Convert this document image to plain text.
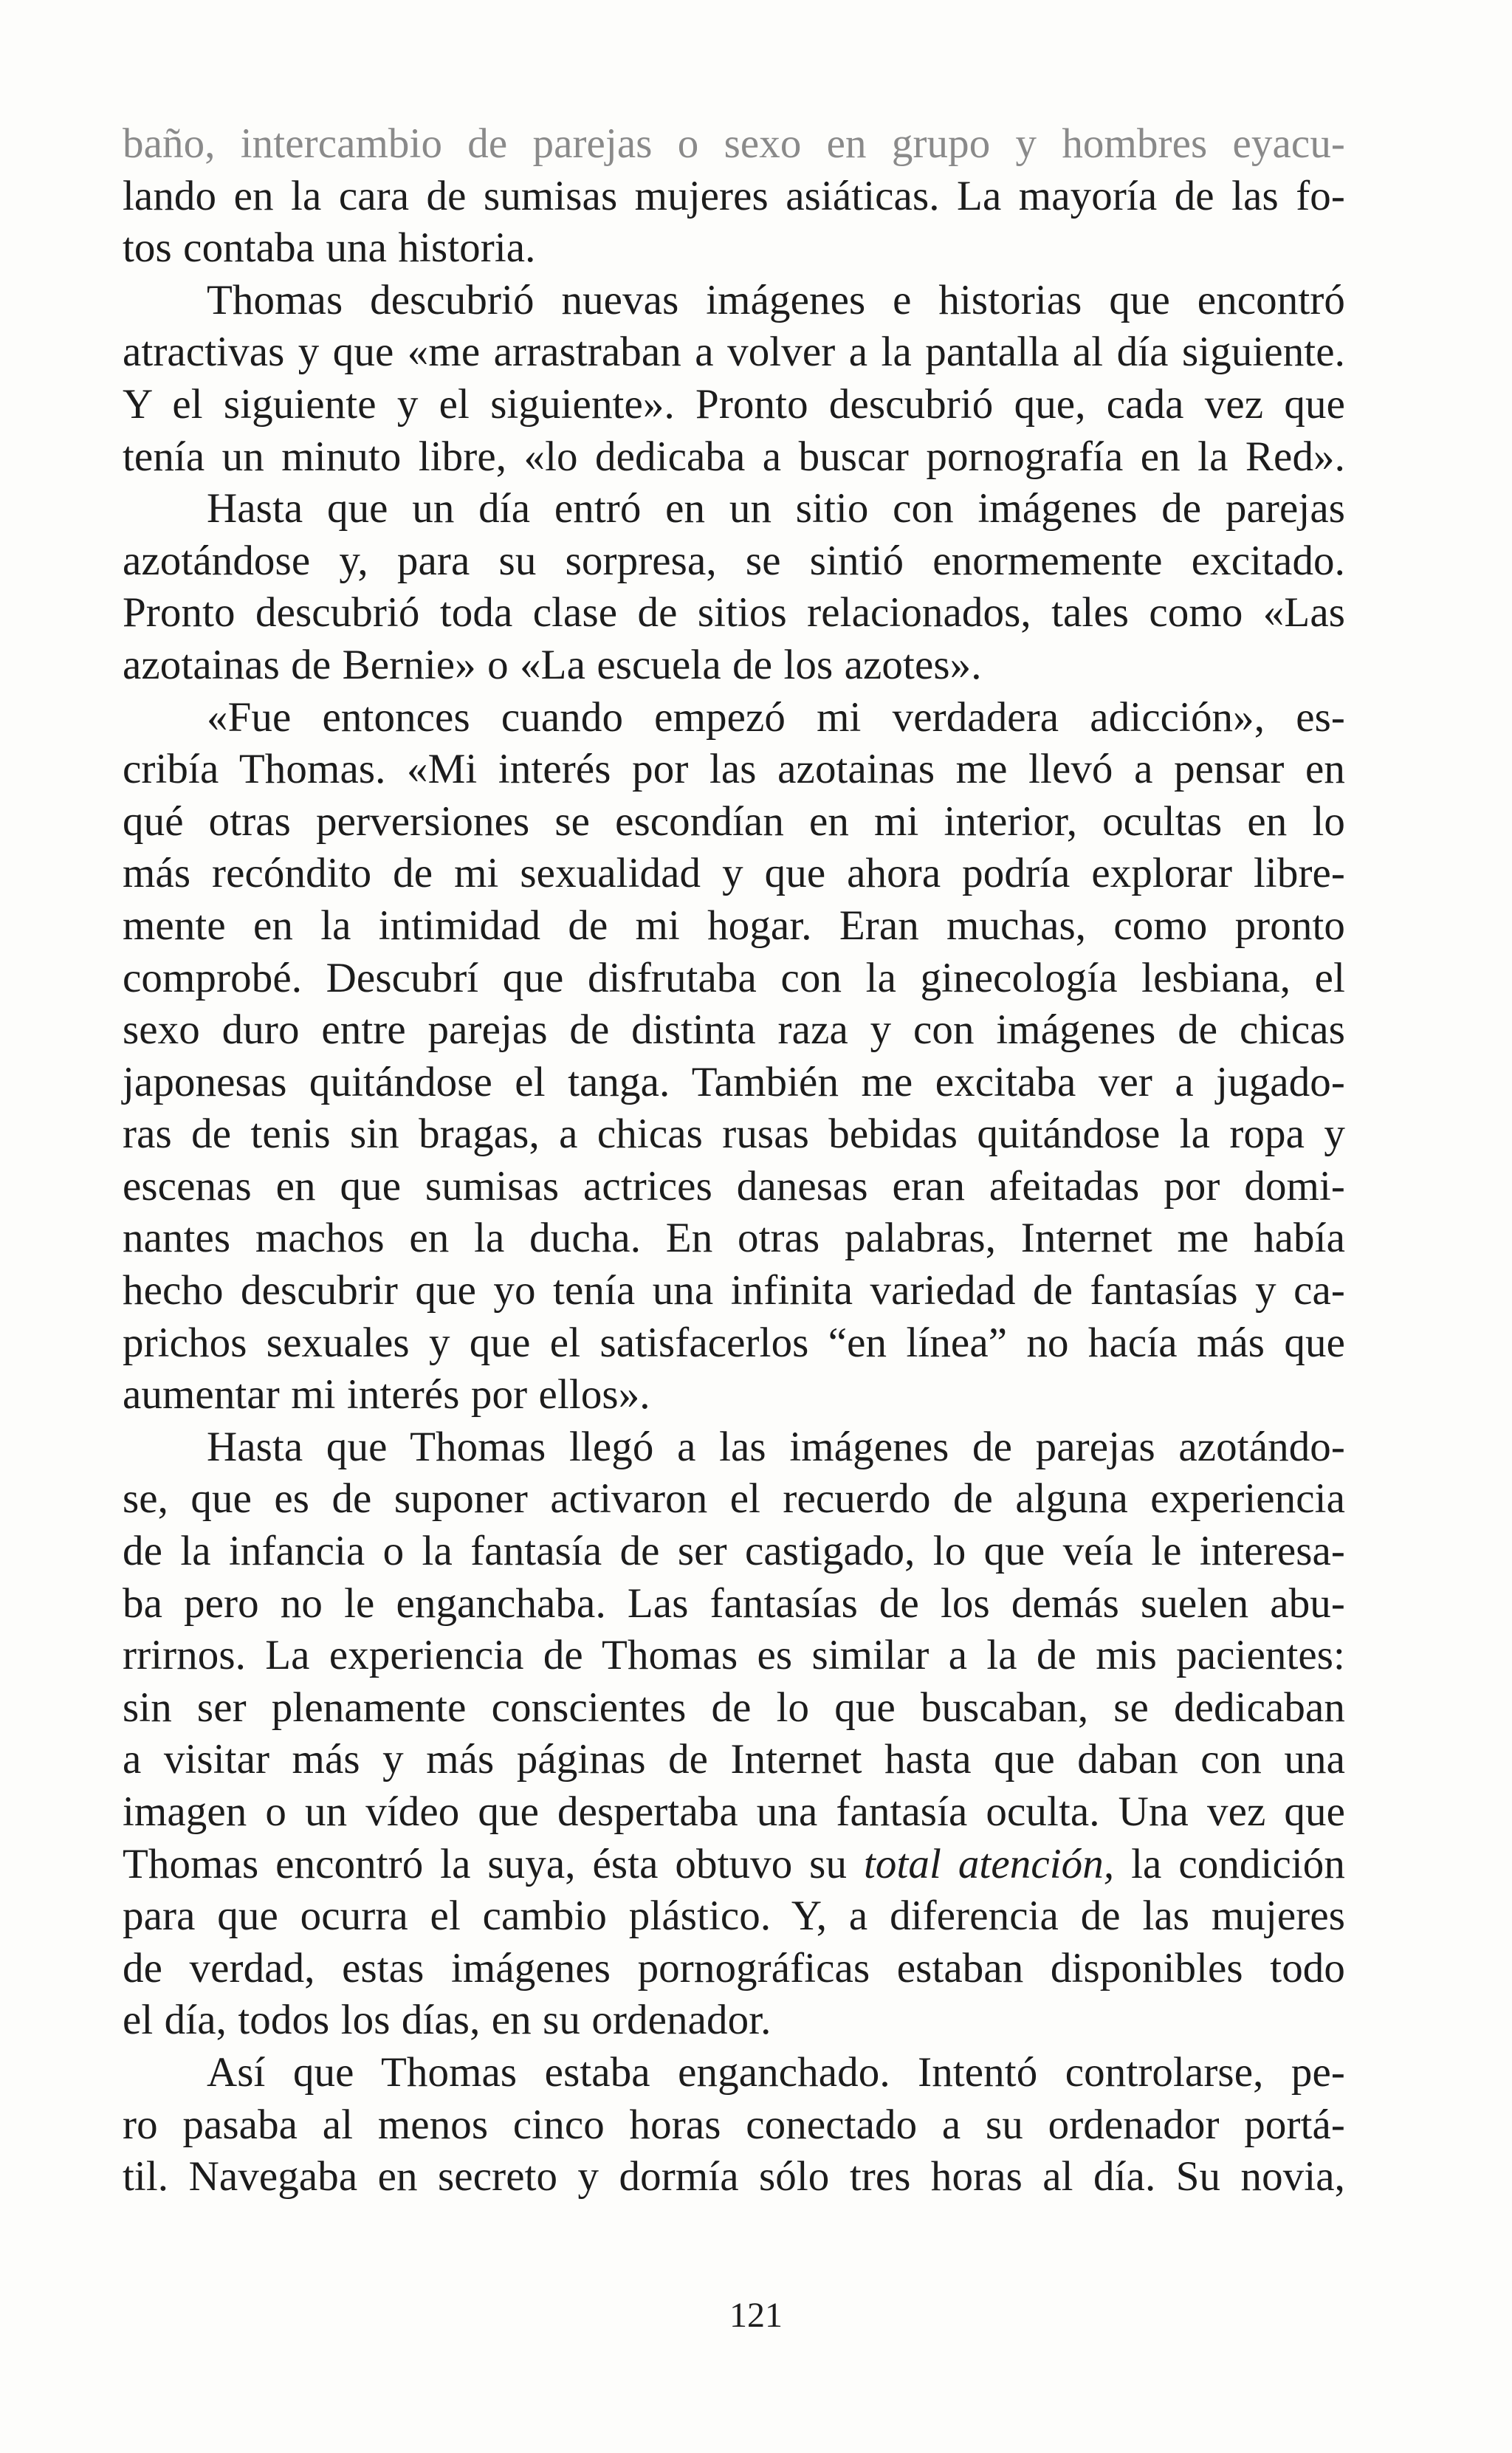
baño, intercambio de parejas o sexo en grupo y hombres eyacu-
lando en la cara de sumisas mujeres asiáticas. La mayoría de las fo-
tos contaba una historia.
Thomas descubrió nuevas imágenes e historias que encontró
atractivas y que «me arrastraban a volver a la pantalla al día siguiente.
Y el siguiente y el siguiente». Pronto descubrió que, cada vez que
tenía un minuto libre, «lo dedicaba a buscar pornografía en la Red».
Hasta que un día entró en un sitio con imágenes de parejas
azotándose y, para su sorpresa, se sintió enormemente excitado.
Pronto descubrió toda clase de sitios relacionados, tales como «Las
azotainas de Bernie» o «La escuela de los azotes».
«Fue entonces cuando empezó mi verdadera adicción», es-
cribía Thomas. «Mi interés por las azotainas me llevó a pensar en
qué otras perversiones se escondían en mi interior, ocultas en lo
más recóndito de mi sexualidad y que ahora podría explorar libre-
mente en la intimidad de mi hogar. Eran muchas, como pronto
comprobé. Descubrí que disfrutaba con la ginecología lesbiana, el
sexo duro entre parejas de distinta raza y con imágenes de chicas
japonesas quitándose el tanga. También me excitaba ver a jugado-
ras de tenis sin bragas, a chicas rusas bebidas quitándose la ropa y
escenas en que sumisas actrices danesas eran afeitadas por domi-
nantes machos en la ducha. En otras palabras, Internet me había
hecho descubrir que yo tenía una infinita variedad de fantasías y ca-
prichos sexuales y que el satisfacerlos “en línea” no hacía más que
aumentar mi interés por ellos».
Hasta que Thomas llegó a las imágenes de parejas azotándo-
se, que es de suponer activaron el recuerdo de alguna experiencia
de la infancia o la fantasía de ser castigado, lo que veía le interesa-
ba pero no le enganchaba. Las fantasías de los demás suelen abu-
rrirnos. La experiencia de Thomas es similar a la de mis pacientes:
sin ser plenamente conscientes de lo que buscaban, se dedicaban
a visitar más y más páginas de Internet hasta que daban con una
imagen o un vídeo que despertaba una fantasía oculta. Una vez que
Thomas encontró la suya, ésta obtuvo su total atención, la condición
para que ocurra el cambio plástico. Y, a diferencia de las mujeres
de verdad, estas imágenes pornográficas estaban disponibles todo
el día, todos los días, en su ordenador.
Así que Thomas estaba enganchado. Intentó controlarse, pe-
ro pasaba al menos cinco horas conectado a su ordenador portá-
til. Navegaba en secreto y dormía sólo tres horas al día. Su novia,
121
